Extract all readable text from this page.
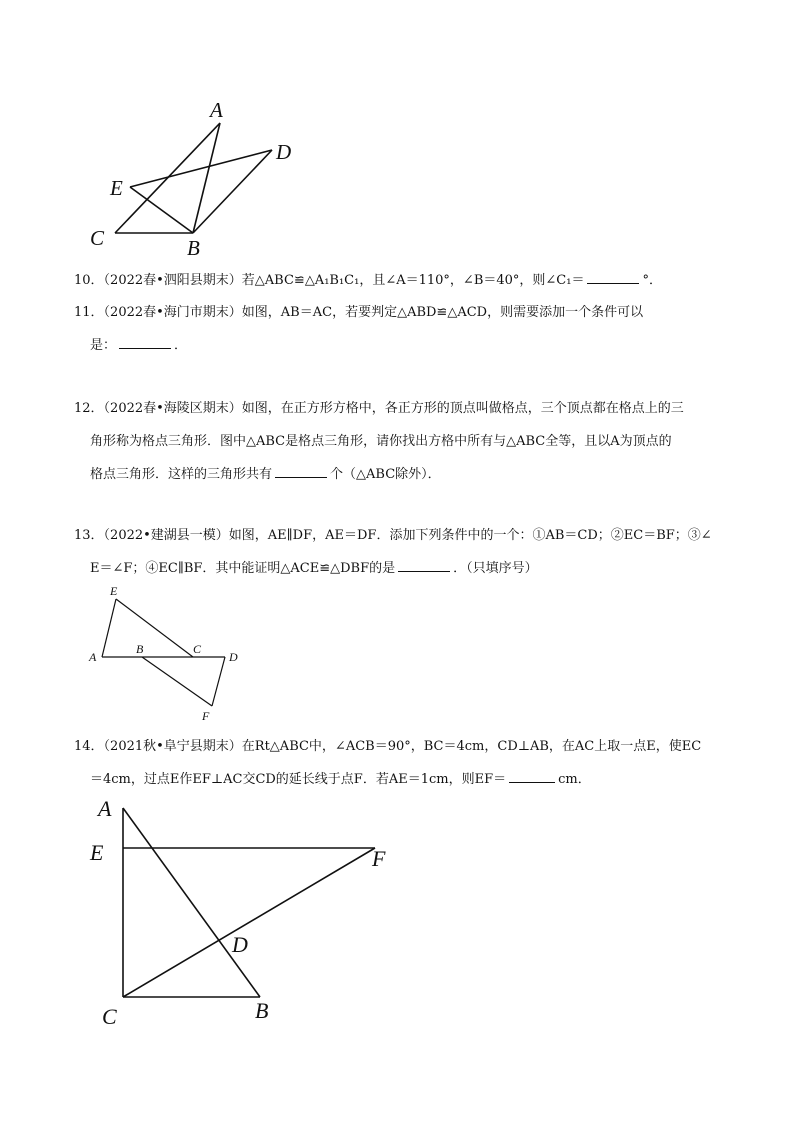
A
D
E
C	B
10．（2022春•泗阳县期末）若△ABC≌△A₁B₁C₁，且∠A＝110°，∠B＝40°，则∠C₁＝	°．
11．（2022春•海门市期末）如图，AB＝AC，若要判定△ABD≌△ACD，则需要添加一个条件可以
是：	．
12．（2022春•海陵区期末）如图，在正方形方格中，各正方形的顶点叫做格点，三个顶点都在格点上的三
角形称为格点三角形．图中△ABC是格点三角形，请你找出方格中所有与△ABC全等，且以A为顶点的
格点三角形．这样的三角形共有	个（△ABC除外）．
13．（2022•建湖县一模）如图，AE∥DF，AE＝DF．添加下列条件中的一个：①AB＝CD；②EC＝BF；③∠
E＝∠F；④EC∥BF．其中能证明△ACE≌△DBF的是	．（只填序号）
E
A
B	C
D
F
14．（2021秋•阜宁县期末）在Rt△ABC中，∠ACB＝90°，BC＝4cm，CD⊥AB，在AC上取一点E，使EC
＝4cm，过点E作EF⊥AC交CD的延长线于点F．若AE＝1cm，则EF＝	cm．
A
E	F
D
C	B
